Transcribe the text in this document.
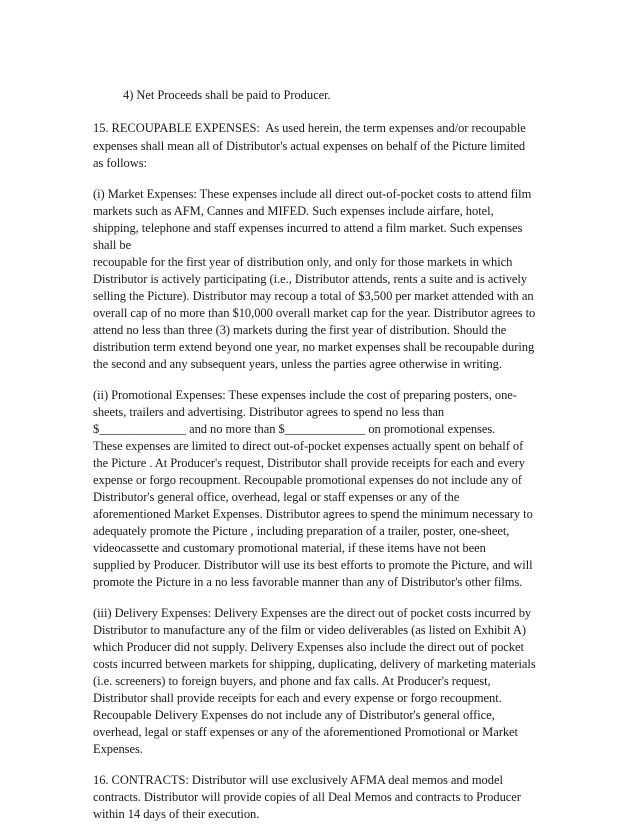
4) Net Proceeds shall be paid to Producer.
15. RECOUPABLE EXPENSES:  As used herein, the term expenses and/or recoupable
expenses shall mean all of Distributor's actual expenses on behalf of the Picture limited
as follows:
(i) Market Expenses: These expenses include all direct out-of-pocket costs to attend film
markets such as AFM, Cannes and MIFED. Such expenses include airfare, hotel,
shipping, telephone and staff expenses incurred to attend a film market. Such expenses
shall be
recoupable for the first year of distribution only, and only for those markets in which
Distributor is actively participating (i.e., Distributor attends, rents a suite and is actively
selling the Picture). Distributor may recoup a total of $3,500 per market attended with an
overall cap of no more than $10,000 overall market cap for the year. Distributor agrees to
attend no less than three (3) markets during the first year of distribution. Should the
distribution term extend beyond one year, no market expenses shall be recoupable during
the second and any subsequent years, unless the parties agree otherwise in writing.
(ii) Promotional Expenses: These expenses include the cost of preparing posters, one-
sheets, trailers and advertising. Distributor agrees to spend no less than
$______________ and no more than $_____________ on promotional expenses.
These expenses are limited to direct out-of-pocket expenses actually spent on behalf of
the Picture . At Producer's request, Distributor shall provide receipts for each and every
expense or forgo recoupment. Recoupable promotional expenses do not include any of
Distributor's general office, overhead, legal or staff expenses or any of the
aforementioned Market Expenses. Distributor agrees to spend the minimum necessary to
adequately promote the Picture , including preparation of a trailer, poster, one-sheet,
videocassette and customary promotional material, if these items have not been
supplied by Producer. Distributor will use its best efforts to promote the Picture, and will
promote the Picture in a no less favorable manner than any of Distributor's other films.
(iii) Delivery Expenses: Delivery Expenses are the direct out of pocket costs incurred by
Distributor to manufacture any of the film or video deliverables (as listed on Exhibit A)
which Producer did not supply. Delivery Expenses also include the direct out of pocket
costs incurred between markets for shipping, duplicating, delivery of marketing materials
(i.e. screeners) to foreign buyers, and phone and fax calls. At Producer's request,
Distributor shall provide receipts for each and every expense or forgo recoupment.
Recoupable Delivery Expenses do not include any of Distributor's general office,
overhead, legal or staff expenses or any of the aforementioned Promotional or Market
Expenses.
16. CONTRACTS: Distributor will use exclusively AFMA deal memos and model
contracts. Distributor will provide copies of all Deal Memos and contracts to Producer
within 14 days of their execution.
